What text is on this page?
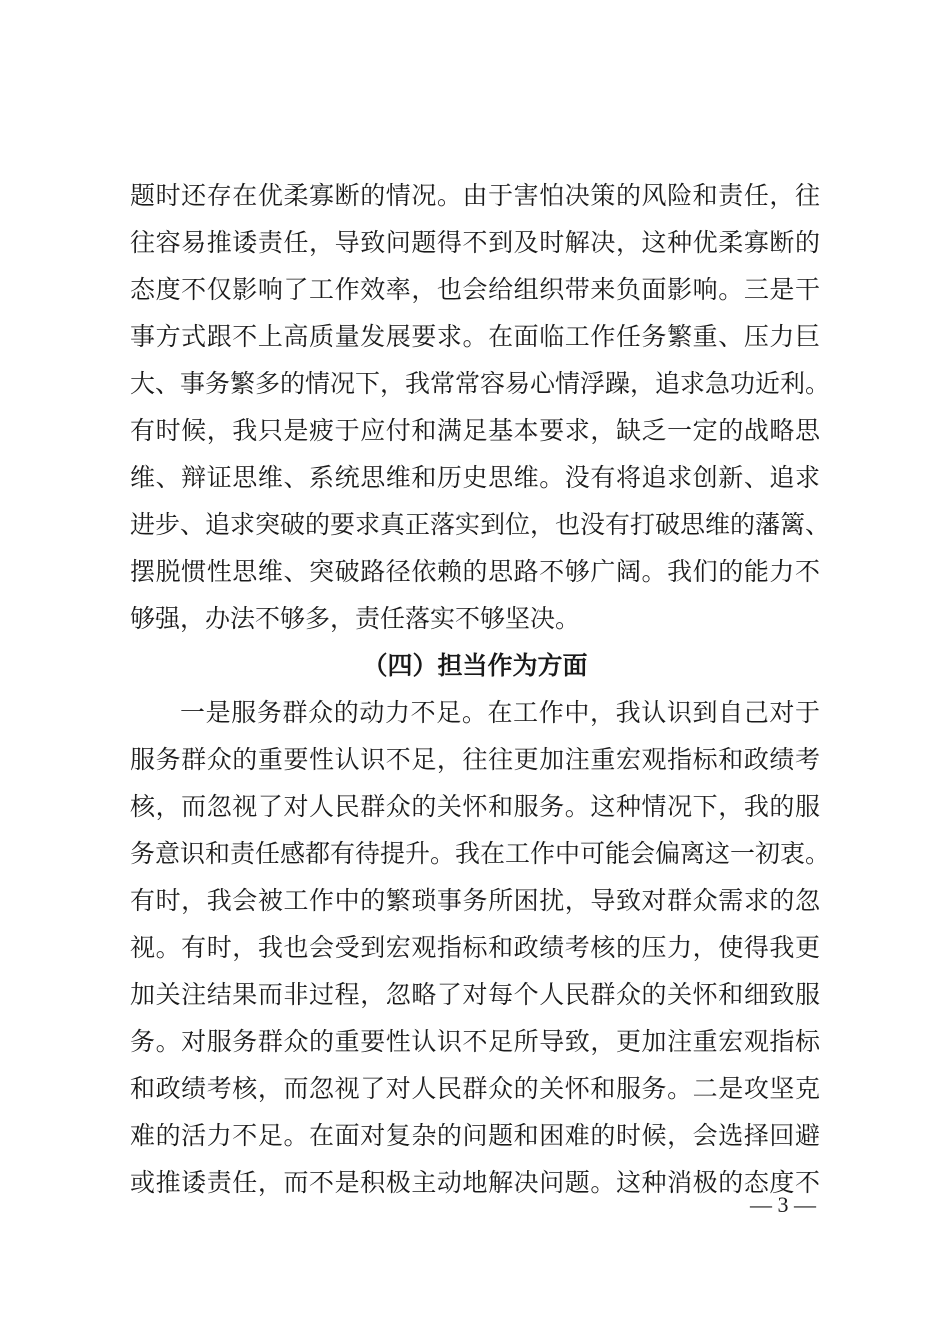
题时还存在优柔寡断的情况。由于害怕决策的风险和责任，往
往容易推诿责任，导致问题得不到及时解决，这种优柔寡断的
态度不仅影响了工作效率，也会给组织带来负面影响。三是干
事方式跟不上高质量发展要求。在面临工作任务繁重、压力巨
大、事务繁多的情况下，我常常容易心情浮躁，追求急功近利。
有时候，我只是疲于应付和满足基本要求，缺乏一定的战略思
维、辩证思维、系统思维和历史思维。没有将追求创新、追求
进步、追求突破的要求真正落实到位，也没有打破思维的藩篱、
摆脱惯性思维、突破路径依赖的思路不够广阔。我们的能力不
够强，办法不够多，责任落实不够坚决。
（四）担当作为方面
一是服务群众的动力不足。在工作中，我认识到自己对于
服务群众的重要性认识不足，往往更加注重宏观指标和政绩考
核，而忽视了对人民群众的关怀和服务。这种情况下，我的服
务意识和责任感都有待提升。我在工作中可能会偏离这一初衷。
有时，我会被工作中的繁琐事务所困扰，导致对群众需求的忽
视。有时，我也会受到宏观指标和政绩考核的压力，使得我更
加关注结果而非过程，忽略了对每个人民群众的关怀和细致服
务。对服务群众的重要性认识不足所导致，更加注重宏观指标
和政绩考核，而忽视了对人民群众的关怀和服务。二是攻坚克
难的活力不足。在面对复杂的问题和困难的时候，会选择回避
或推诿责任，而不是积极主动地解决问题。这种消极的态度不
— 3 —
